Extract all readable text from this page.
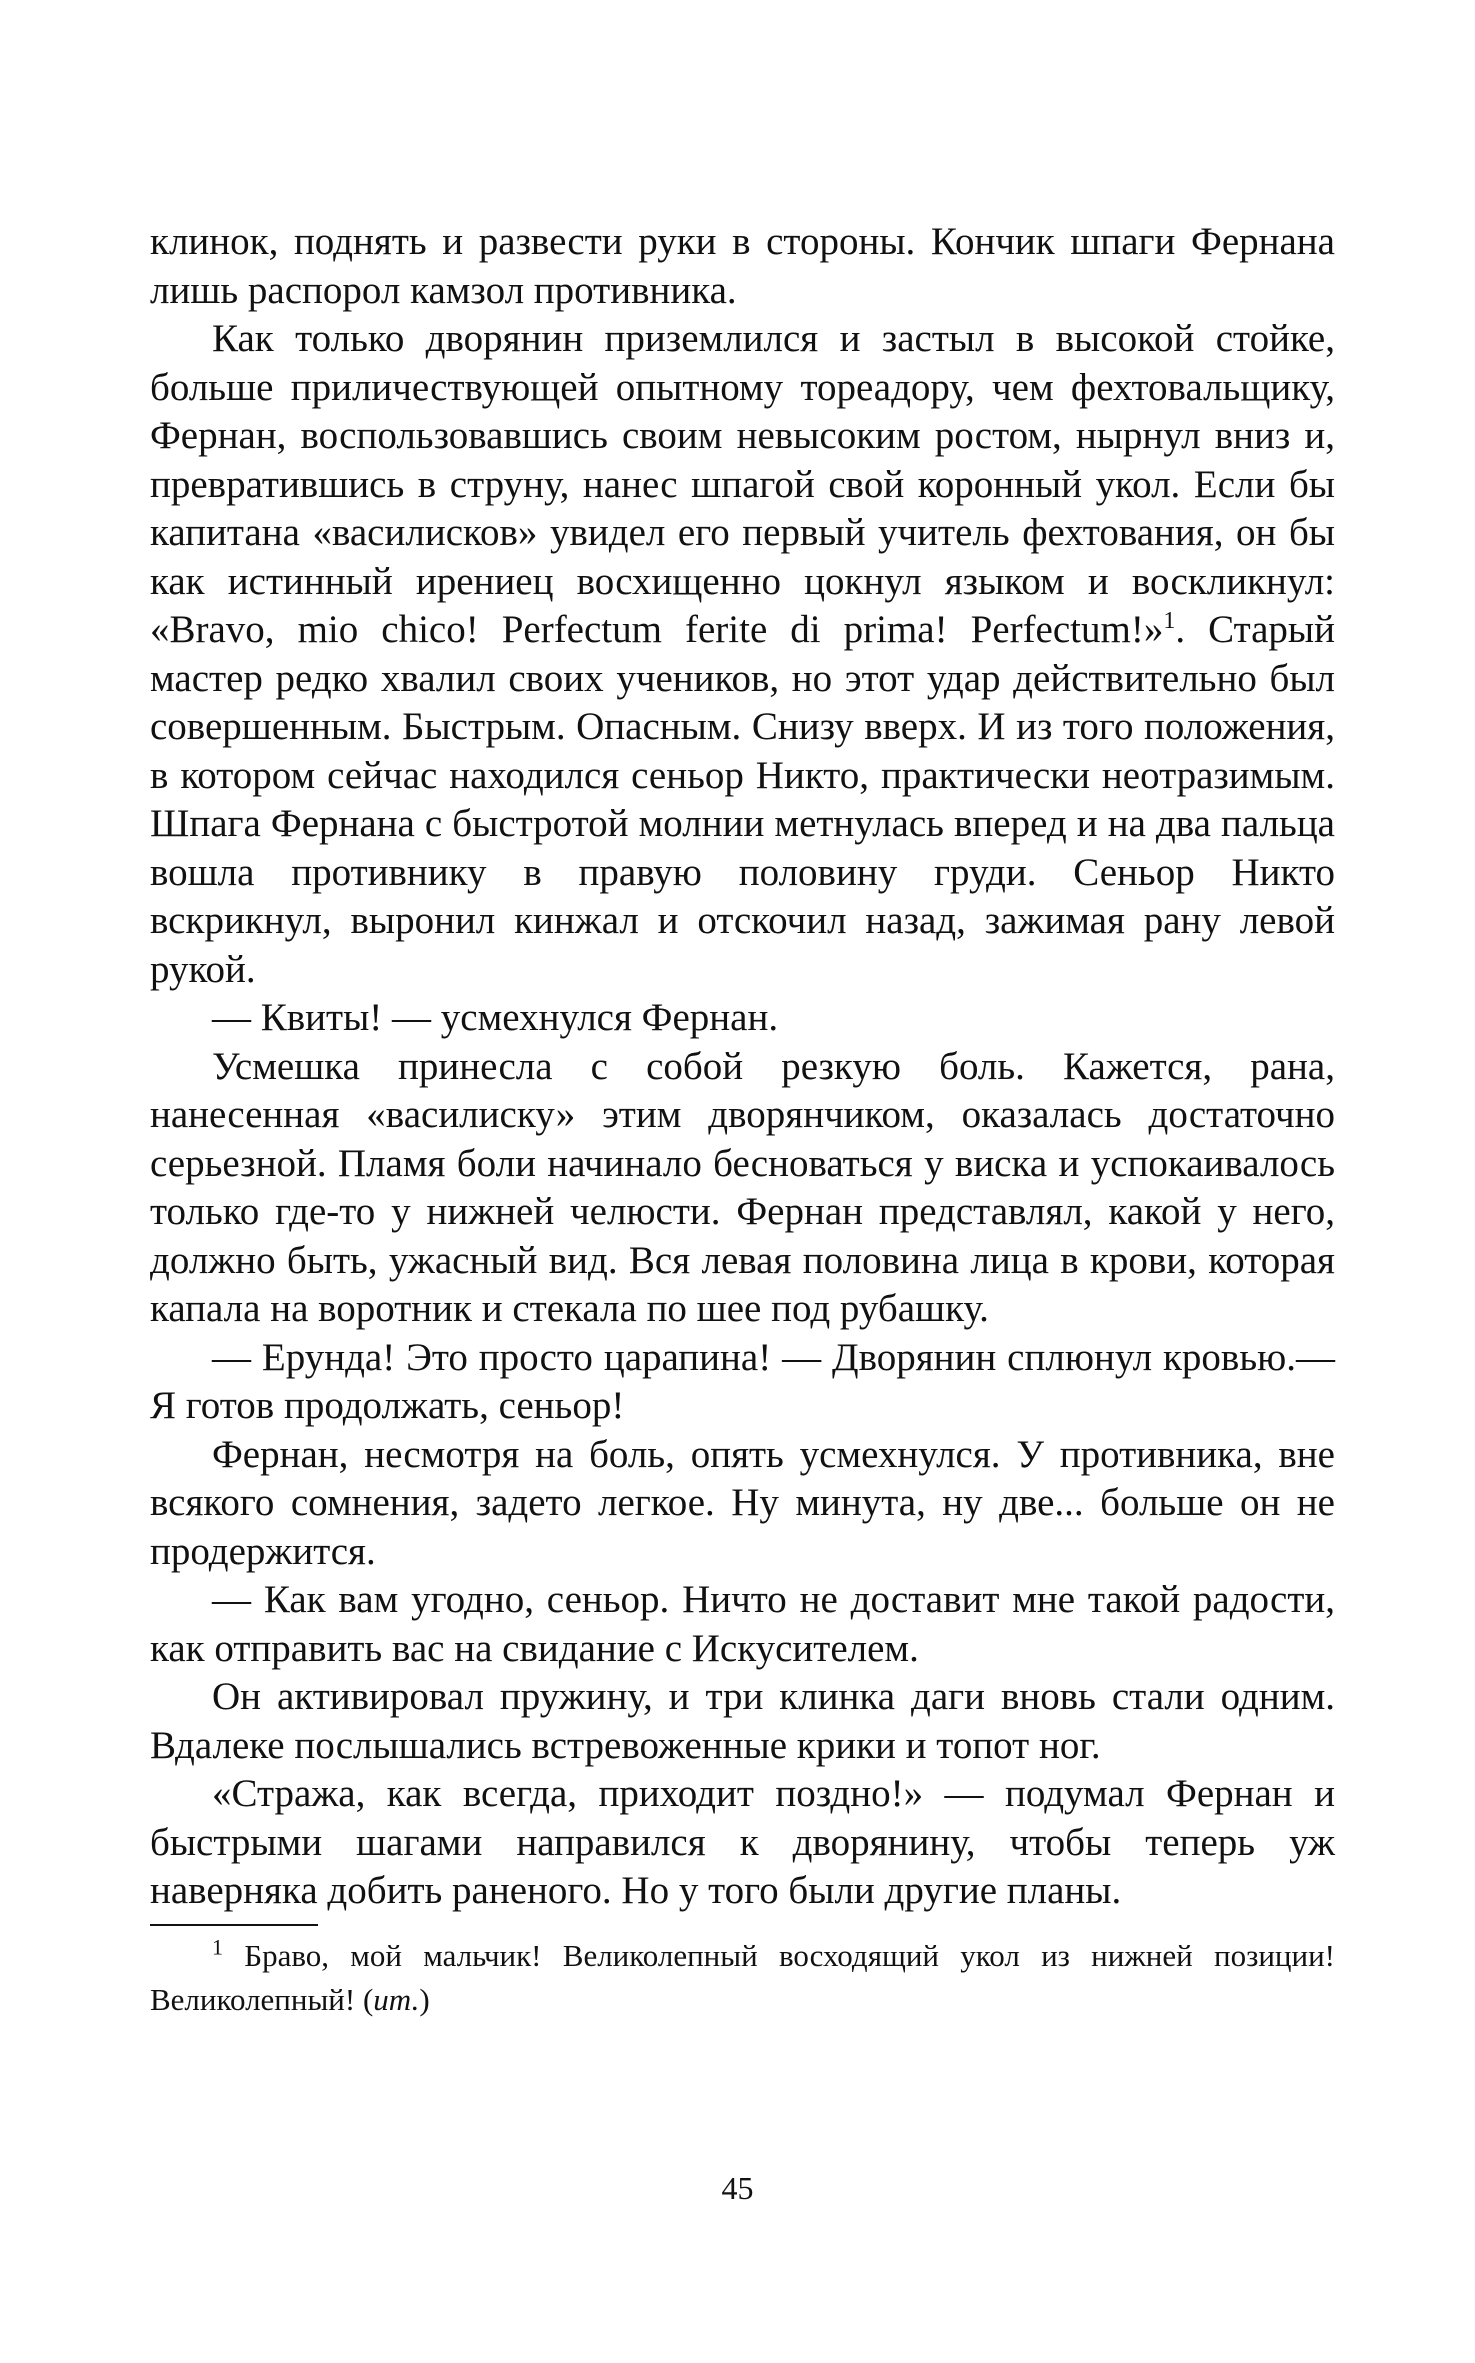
клинок, поднять и развести руки в стороны. Кончик шпаги Фернана лишь распорол камзол противника.

Как только дворянин приземлился и застыл в высокой стойке, больше приличествующей опытному тореадору, чем фехтовальщику, Фернан, воспользовавшись своим невысоким ростом, нырнул вниз и, превратившись в струну, нанес шпагой свой коронный укол. Если бы капитана «василисков» увидел его первый учитель фехтования, он бы как истинный ирениец восхищенно цокнул языком и воскликнул: «Bravo, mio chico! Perfectum ferite di prima! Perfectum!»$^1$. Старый мастер редко хвалил своих учеников, но этот удар действительно был совершенным. Быстрым. Опасным. Снизу вверх. И из того положения, в котором сейчас находился сеньор Никто, практически неотразимым. Шпага Фернана с быстротой молнии метнулась вперед и на два пальца вошла противнику в правую половину груди. Сеньор Никто вскрикнул, выронил кинжал и отскочил назад, зажимая рану левой рукой.

— Квиты! — усмехнулся Фернан.

Усмешка принесла с собой резкую боль. Кажется, рана, нанесенная «василиску» этим дворянчиком, оказалась достаточно серьезной. Пламя боли начинало бесноваться у виска и успокаивалось только где-то у нижней челюсти. Фернан представлял, какой у него, должно быть, ужасный вид. Вся левая половина лица в крови, которая капала на воротник и стекала по шее под рубашку.

— Ерунда! Это просто царапина! — Дворянин сплюнул кровью.— Я готов продолжать, сеньор!

Фернан, несмотря на боль, опять усмехнулся. У противника, вне всякого сомнения, задето легкое. Ну минута, ну две... больше он не продержится.

— Как вам угодно, сеньор. Ничто не доставит мне такой радости, как отправить вас на свидание с Искусителем.

Он активировал пружину, и три клинка даги вновь стали одним. Вдалеке послышались встревоженные крики и топот ног.

«Стража, как всегда, приходит поздно!» — подумал Фернан и быстрыми шагами направился к дворянину, чтобы теперь уж наверняка добить раненого. Но у того были другие планы.

$^1$ Браво, мой мальчик! Великолепный восходящий укол из нижней позиции! Великолепный! (ит.)

45
